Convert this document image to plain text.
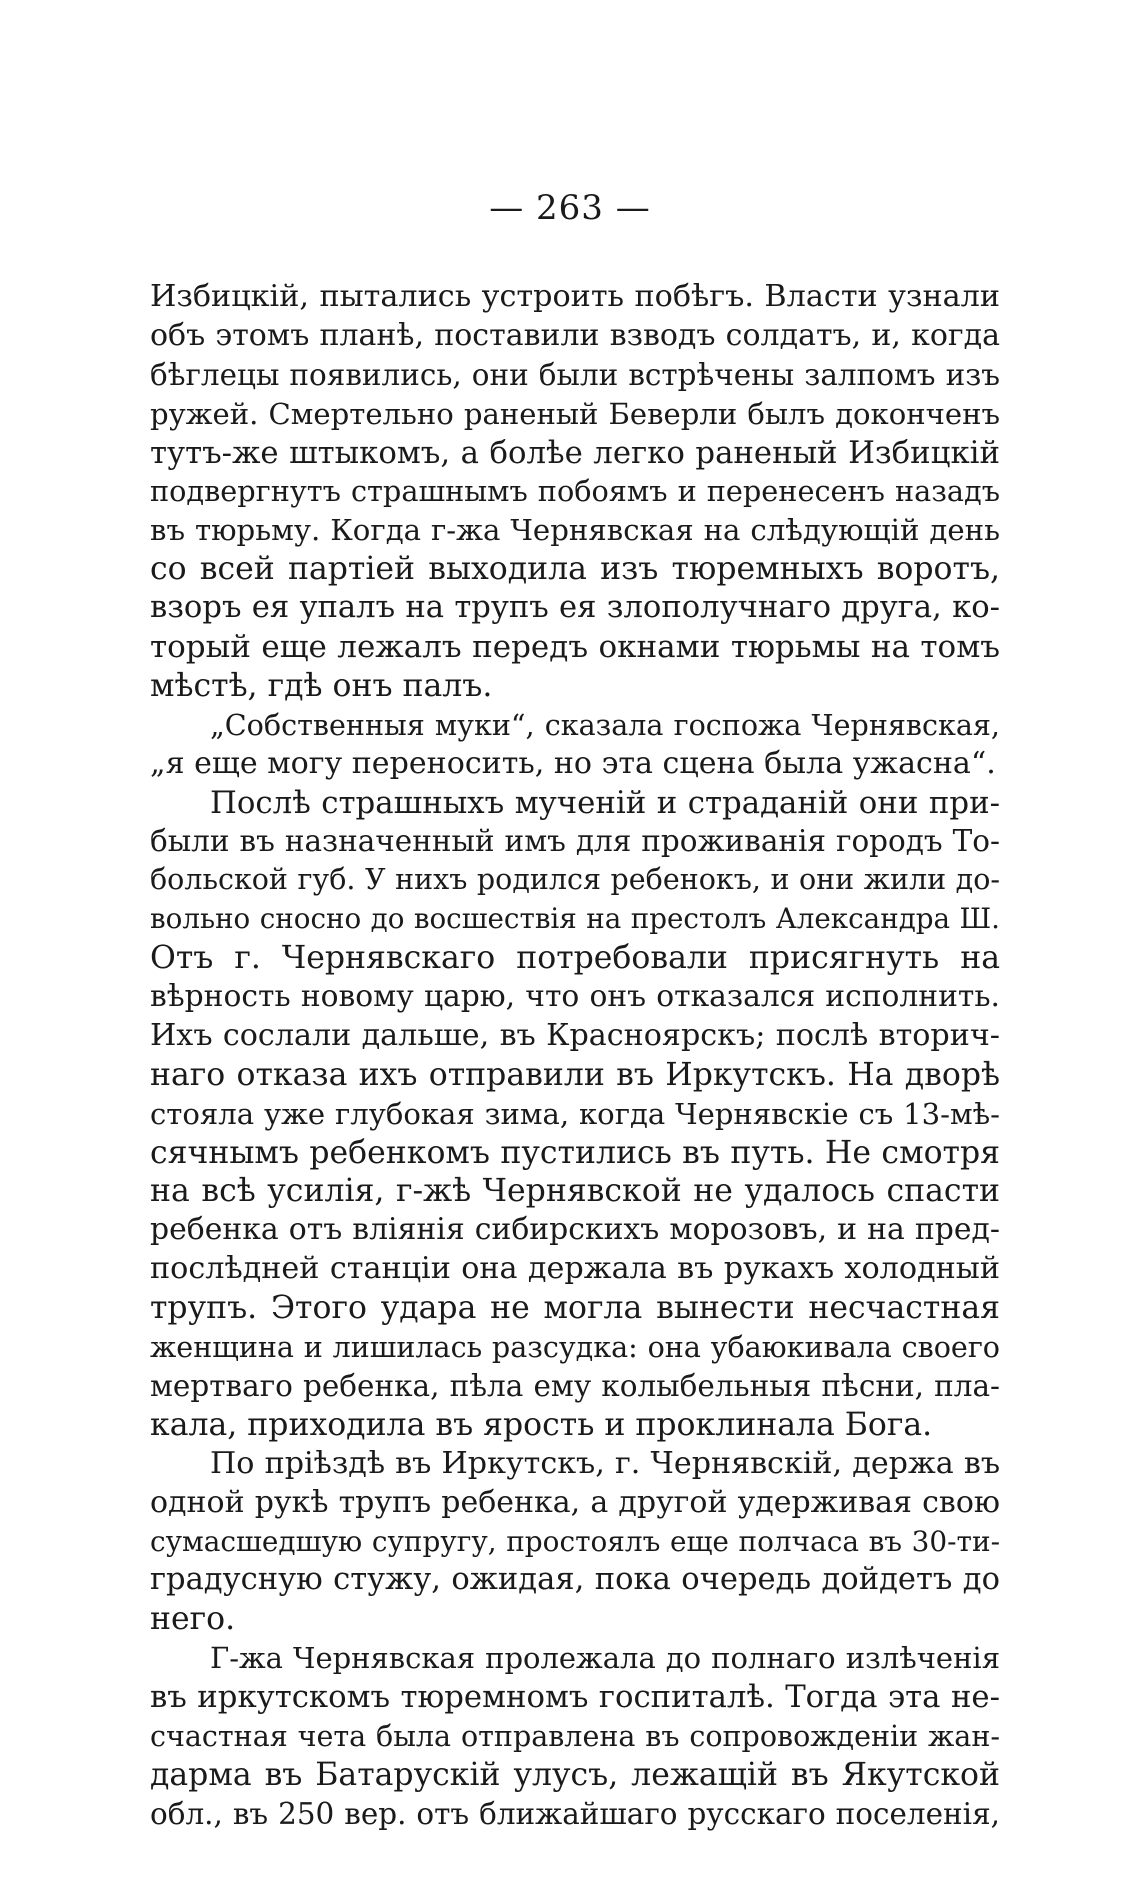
— 263 —
Избицкій, пытались устроить побѣгъ. Власти узнали
объ этомъ планѣ, поставили взводъ солдатъ, и, когда
бѣглецы появились, они были встрѣчены залпомъ изъ
ружей. Смертельно раненый Беверли былъ доконченъ
тутъ-же штыкомъ, а болѣе легко раненый Избицкій
подвергнутъ страшнымъ побоямъ и перенесенъ назадъ
въ тюрьму. Когда г-жа Чернявская на слѣдующій день
со всей партіей выходила изъ тюремныхъ воротъ,
взоръ ея упалъ на трупъ ея злополучнаго друга, ко-
торый еще лежалъ передъ окнами тюрьмы на томъ
мѣстѣ, гдѣ онъ палъ.
„Собственныя муки“, сказала госпожа Чернявская,
„я еще могу переносить, но эта сцена была ужасна“.
Послѣ страшныхъ мученій и страданій они при-
были въ назначенный имъ для проживанія городъ То-
больской губ. У нихъ родился ребенокъ, и они жили до-
вольно сносно до восшествія на престолъ Александра Ш.
Отъ г. Чернявскаго потребовали присягнуть на
вѣрность новому царю, что онъ отказался исполнить.
Ихъ сослали дальше, въ Красноярскъ; послѣ вторич-
наго отказа ихъ отправили въ Иркутскъ. На дворѣ
стояла уже глубокая зима, когда Чернявскіе съ 13-мѣ-
сячнымъ ребенкомъ пустились въ путь. Не смотря
на всѣ усилія, г-жѣ Чернявской не удалось спасти
ребенка отъ вліянія сибирскихъ морозовъ, и на пред-
послѣдней станціи она держала въ рукахъ холодный
трупъ. Этого удара не могла вынести несчастная
женщина и лишилась разсудка: она убаюкивала своего
мертваго ребенка, пѣла ему колыбельныя пѣсни, пла-
кала, приходила въ ярость и проклинала Бога.
По пріѣздѣ въ Иркутскъ, г. Чернявскій, держа въ
одной рукѣ трупъ ребенка, а другой удерживая свою
сумасшедшую супругу, простоялъ еще полчаса въ 30-ти-
градусную стужу, ожидая, пока очередь дойдетъ до
него.
Г-жа Чернявская пролежала до полнаго излѣченія
въ иркутскомъ тюремномъ госпиталѣ. Тогда эта не-
счастная чета была отправлена въ сопровожденіи жан-
дарма въ Батарускій улусъ, лежащій въ Якутской
обл., въ 250 вер. отъ ближайшаго русскаго поселенія,
